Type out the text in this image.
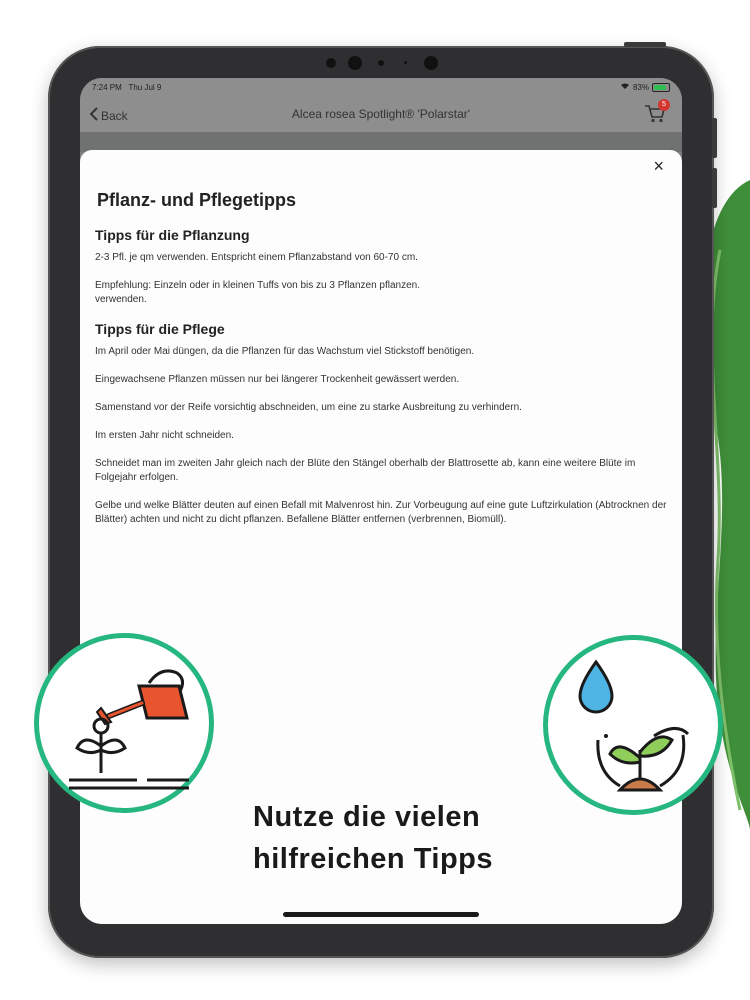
7:24 PM Thu Jul 9	83%
Back	Alcea rosea Spotlight® 'Polarstar'
5
×
Pflanz- und Pflegetipps
Tipps für die Pflanzung
2-3 Pfl. je qm verwenden. Entspricht einem Pflanzabstand von 60-70 cm.
Empfehlung: Einzeln oder in kleinen Tuffs von bis zu 3 Pflanzen pflanzen.
verwenden.
Tipps für die Pflege
Im April oder Mai düngen, da die Pflanzen für das Wachstum viel Stickstoff benötigen.
Eingewachsene Pflanzen müssen nur bei längerer Trockenheit gewässert werden.
Samenstand vor der Reife vorsichtig abschneiden, um eine zu starke Ausbreitung zu verhindern.
Im ersten Jahr nicht schneiden.
Schneidet man im zweiten Jahr gleich nach der Blüte den Stängel oberhalb der Blattrosette ab, kann eine weitere Blüte im Folgejahr erfolgen.
Gelbe und welke Blätter deuten auf einen Befall mit Malvenrost hin. Zur Vorbeugung auf eine gute Luftzirkulation (Abtrocknen der Blätter) achten und nicht zu dicht pflanzen. Befallene Blätter entfernen (verbrennen, Biomüll).
Nutze die vielen
hilfreichen Tipps
